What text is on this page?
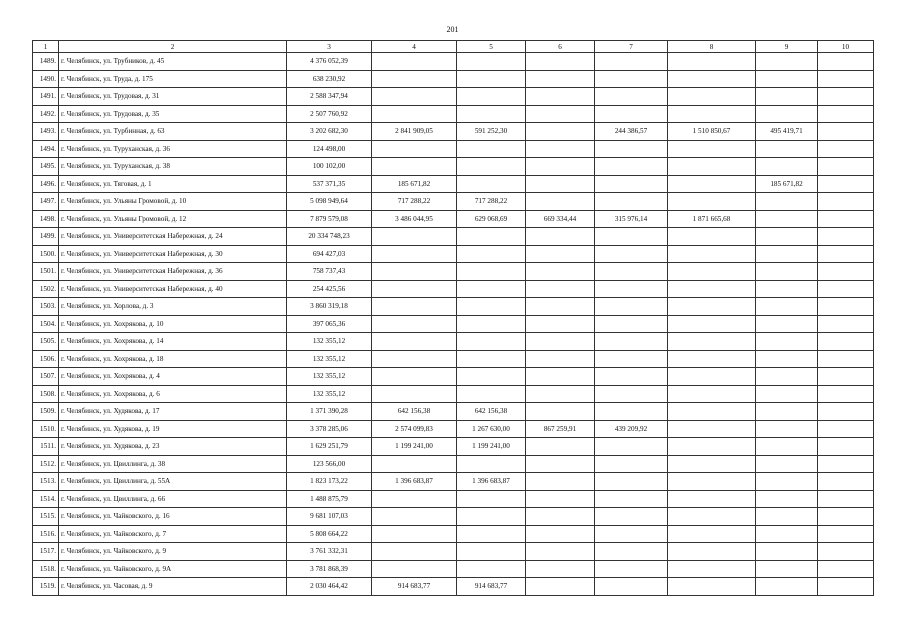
201
1	2	3	4	5	6	7	8	9	10
1489.	г. Челябинск, ул. Трубников, д. 45	4 376 052,39							
1490.	г. Челябинск, ул. Труда, д. 175	638 230,92							
1491.	г. Челябинск, ул. Трудовая, д. 31	2 588 347,94							
1492.	г. Челябинск, ул. Трудовая, д. 35	2 507 760,92							
1493.	г. Челябинск, ул. Турбинная, д. 63	3 202 682,30	2 841 909,05	591 252,30		244 386,57	1 510 850,67	495 419,71	
1494.	г. Челябинск, ул. Туруханская, д. 36	124 498,00							
1495.	г. Челябинск, ул. Туруханская, д. 38	100 102,00							
1496.	г. Челябинск, ул. Тяговая, д. 1	537 371,35	185 671,82					185 671,82	
1497.	г. Челябинск, ул. Ульяны Громовой, д. 10	5 098 949,64	717 288,22	717 288,22					
1498.	г. Челябинск, ул. Ульяны Громовой, д. 12	7 879 579,08	3 486 044,95	629 068,69	669 334,44	315 976,14	1 871 665,68		
1499.	г. Челябинск, ул. Университетская Набережная, д. 24	20 334 748,23							
1500.	г. Челябинск, ул. Университетская Набережная, д. 30	694 427,03							
1501.	г. Челябинск, ул. Университетская Набережная, д. 36	758 737,43							
1502.	г. Челябинск, ул. Университетская Набережная, д. 40	254 425,56							
1503.	г. Челябинск, ул. Хорлова, д. 3	3 860 319,18							
1504.	г. Челябинск, ул. Хохрякова, д. 10	397 065,36							
1505.	г. Челябинск, ул. Хохрякова, д. 14	132 355,12							
1506.	г. Челябинск, ул. Хохрякова, д. 18	132 355,12							
1507.	г. Челябинск, ул. Хохрякова, д. 4	132 355,12							
1508.	г. Челябинск, ул. Хохрякова, д. 6	132 355,12							
1509.	г. Челябинск, ул. Худякова, д. 17	1 371 390,28	642 156,38	642 156,38					
1510.	г. Челябинск, ул. Худякова, д. 19	3 378 285,06	2 574 099,83	1 267 630,00	867 259,91	439 209,92			
1511.	г. Челябинск, ул. Худякова, д. 23	1 629 251,79	1 199 241,00	1 199 241,00					
1512.	г. Челябинск, ул. Цвиллинга, д. 38	123 566,00							
1513.	г. Челябинск, ул. Цвиллинга, д. 55А	1 823 173,22	1 396 683,87	1 396 683,87					
1514.	г. Челябинск, ул. Цвиллинга, д. 66	1 488 875,79							
1515.	г. Челябинск, ул. Чайковского, д. 16	9 681 107,03							
1516.	г. Челябинск, ул. Чайковского, д. 7	5 808 664,22							
1517.	г. Челябинск, ул. Чайковского, д. 9	3 761 332,31							
1518.	г. Челябинск, ул. Чайковского, д. 9А	3 781 868,39							
1519.	г. Челябинск, ул. Часовая, д. 9	2 030 464,42	914 683,77	914 683,77					
